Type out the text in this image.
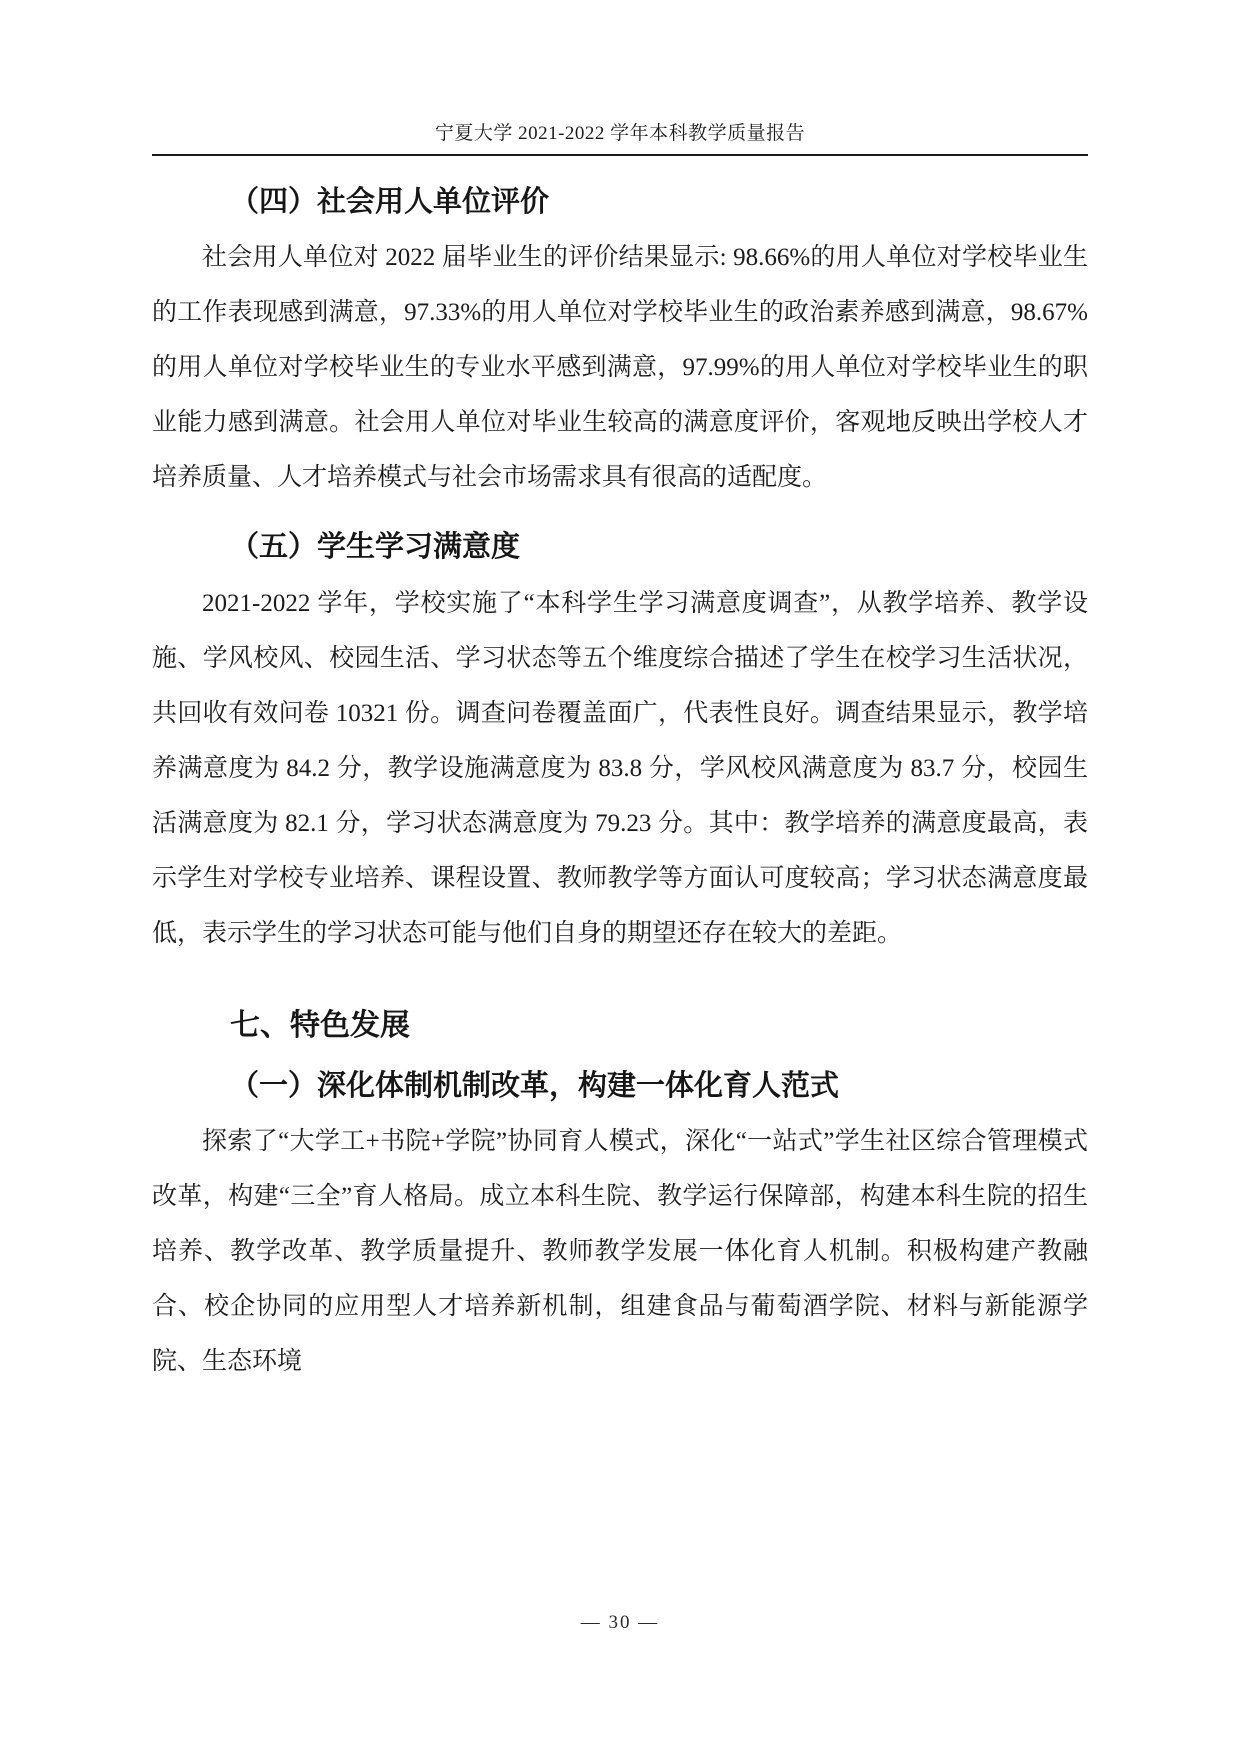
宁夏大学 2021-2022 学年本科教学质量报告
（四）社会用人单位评价

社会用人单位对 2022 届毕业生的评价结果显示: 98.66%的用人单位对学校毕业生的工作表现感到满意，97.33%的用人单位对学校毕业生的政治素养感到满意，98.67%的用人单位对学校毕业生的专业水平感到满意，97.99%的用人单位对学校毕业生的职业能力感到满意。社会用人单位对毕业生较高的满意度评价，客观地反映出学校人才培养质量、人才培养模式与社会市场需求具有很高的适配度。

（五）学生学习满意度

2021-2022 学年，学校实施了“本科学生学习满意度调查”，从教学培养、教学设施、学风校风、校园生活、学习状态等五个维度综合描述了学生在校学习生活状况，共回收有效问卷 10321 份。调查问卷覆盖面广，代表性良好。调查结果显示，教学培养满意度为 84.2 分，教学设施满意度为 83.8 分，学风校风满意度为 83.7 分，校园生活满意度为 82.1 分，学习状态满意度为 79.23 分。其中：教学培养的满意度最高，表示学生对学校专业培养、课程设置、教师教学等方面认可度较高；学习状态满意度最低，表示学生的学习状态可能与他们自身的期望还存在较大的差距。

七、特色发展
（一）深化体制机制改革，构建一体化育人范式

探索了“大学工+书院+学院”协同育人模式，深化“一站式”学生社区综合管理模式改革，构建“三全”育人格局。成立本科生院、教学运行保障部，构建本科生院的招生培养、教学改革、教学质量提升、教师教学发展一体化育人机制。积极构建产教融合、校企协同的应用型人才培养新机制，组建食品与葡萄酒学院、材料与新能源学院、生态环境

— 30 —
